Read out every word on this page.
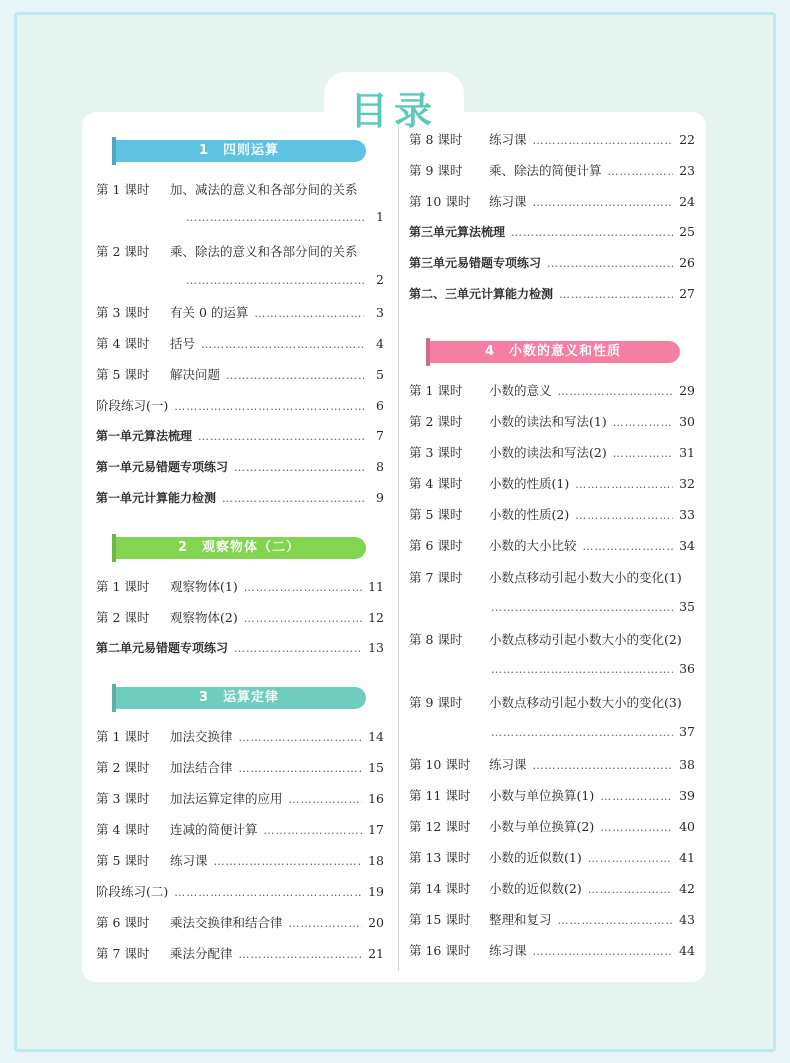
目录
1　四则运算
第 1 课时	加、减法的意义和各部分间的关系
…………………………………………………………………………………………………………………
1
第 2 课时	乘、除法的意义和各部分间的关系
…………………………………………………………………………………………………………………
2
第 3 课时	有关 0 的运算 …………………………………………………………………………………………………………………	3
第 4 课时	括号 …………………………………………………………………………………………………………………	4
第 5 课时	解决问题 …………………………………………………………………………………………………………………	5
阶段练习(一) …………………………………………………………………………………………………………………	6
第一单元算法梳理 …………………………………………………………………………………………………………………	7
第一单元易错题专项练习 …………………………………………………………………………………………………………………	8
第一单元计算能力检测 …………………………………………………………………………………………………………………	9
2　观察物体（二）
第 1 课时	观察物体(1) …………………………………………………………………………………………………………………	11
第 2 课时	观察物体(2) …………………………………………………………………………………………………………………	12
第二单元易错题专项练习 …………………………………………………………………………………………………………………	13
3　运算定律
第 1 课时	加法交换律 …………………………………………………………………………………………………………………	14
第 2 课时	加法结合律 …………………………………………………………………………………………………………………	15
第 3 课时	加法运算定律的应用 …………………………………………………………………………………………………………………	16
第 4 课时	连减的简便计算 …………………………………………………………………………………………………………………	17
第 5 课时	练习课 …………………………………………………………………………………………………………………	18
阶段练习(二) …………………………………………………………………………………………………………………	19
第 6 课时	乘法交换律和结合律 …………………………………………………………………………………………………………………	20
第 7 课时	乘法分配律 …………………………………………………………………………………………………………………	21
第 8 课时	练习课 …………………………………………………………………………………………………………………	22
第 9 课时	乘、除法的简便计算 …………………………………………………………………………………………………………………	23
第 10 课时	练习课 …………………………………………………………………………………………………………………	24
第三单元算法梳理 …………………………………………………………………………………………………………………	25
第三单元易错题专项练习 …………………………………………………………………………………………………………………	26
第二、三单元计算能力检测 …………………………………………………………………………………………………………………	27
4　小数的意义和性质
第 1 课时	小数的意义 …………………………………………………………………………………………………………………	29
第 2 课时	小数的读法和写法(1) …………………………………………………………………………………………………………………	30
第 3 课时	小数的读法和写法(2) …………………………………………………………………………………………………………………	31
第 4 课时	小数的性质(1) …………………………………………………………………………………………………………………	32
第 5 课时	小数的性质(2) …………………………………………………………………………………………………………………	33
第 6 课时	小数的大小比较 …………………………………………………………………………………………………………………	34
第 7 课时	小数点移动引起小数大小的变化(1)
…………………………………………………………………………………………………………………
35
第 8 课时	小数点移动引起小数大小的变化(2)
…………………………………………………………………………………………………………………
36
第 9 课时	小数点移动引起小数大小的变化(3)
…………………………………………………………………………………………………………………
37
第 10 课时	练习课 …………………………………………………………………………………………………………………	38
第 11 课时	小数与单位换算(1) …………………………………………………………………………………………………………………	39
第 12 课时	小数与单位换算(2) …………………………………………………………………………………………………………………	40
第 13 课时	小数的近似数(1) …………………………………………………………………………………………………………………	41
第 14 课时	小数的近似数(2) …………………………………………………………………………………………………………………	42
第 15 课时	整理和复习 …………………………………………………………………………………………………………………	43
第 16 课时	练习课 …………………………………………………………………………………………………………………	44
